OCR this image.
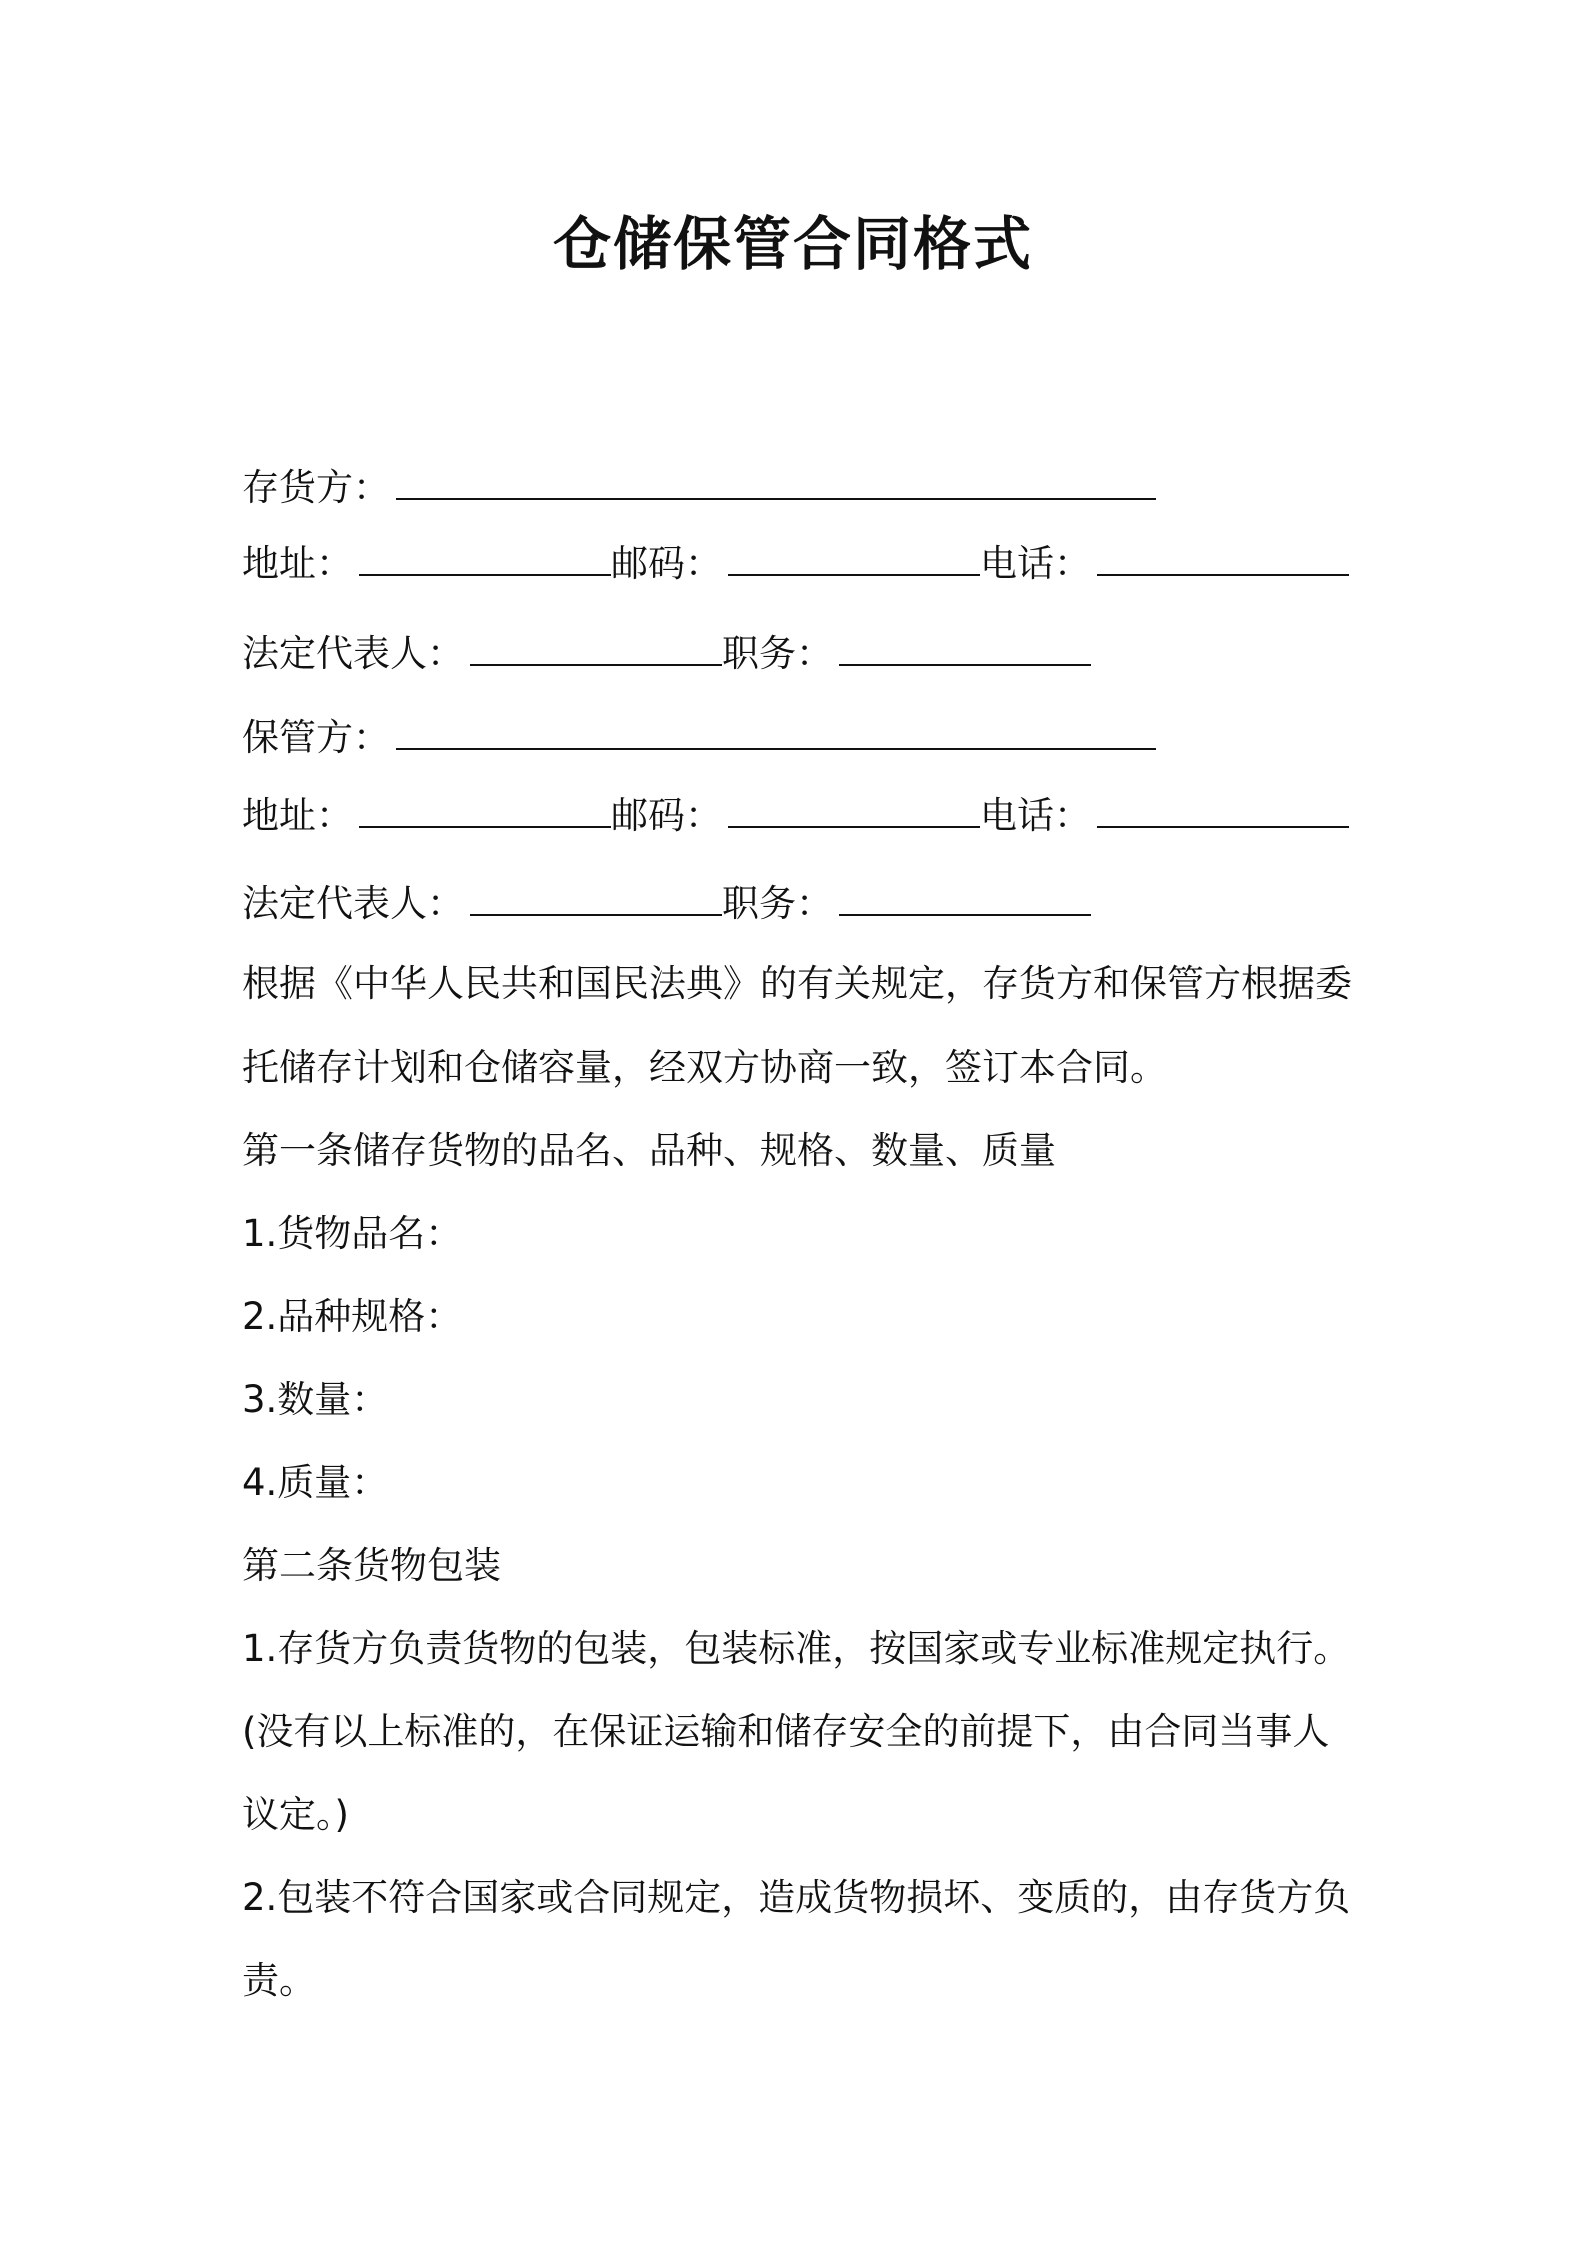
仓储保管合同格式
存货方：
地址：	邮码：	电话：
法定代表人：	职务：
保管方：
地址：	邮码：	电话：
法定代表人：	职务：
根据《中华人民共和国民法典》的有关规定，存货方和保管方根据委
托储存计划和仓储容量，经双方协商一致，签订本合同。
第一条储存货物的品名、品种、规格、数量、质量
1.货物品名：
2.品种规格：
3.数量：
4.质量：
第二条货物包装
1.存货方负责货物的包装，包装标准，按国家或专业标准规定执行。
(没有以上标准的，在保证运输和储存安全的前提下，由合同当事人
议定。)
2.包装不符合国家或合同规定，造成货物损坏、变质的，由存货方负
责。
